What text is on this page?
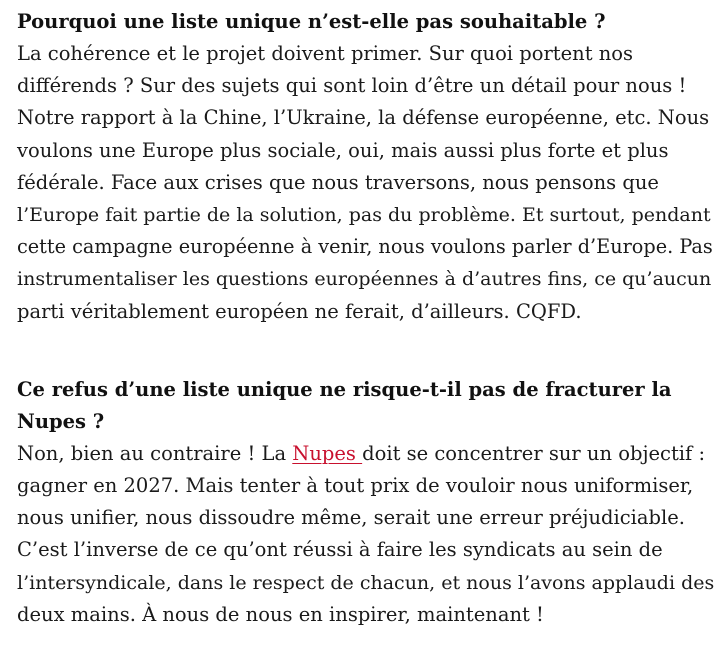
Pourquoi une liste unique n’est-elle pas souhaitable ?

La cohérence et le projet doivent primer. Sur quoi portent nos
différends ? Sur des sujets qui sont loin d’être un détail pour nous !
Notre rapport à la Chine, l’Ukraine, la défense européenne, etc. Nous
voulons une Europe plus sociale, oui, mais aussi plus forte et plus
fédérale. Face aux crises que nous traversons, nous pensons que
l’Europe fait partie de la solution, pas du problème. Et surtout, pendant
cette campagne européenne à venir, nous voulons parler d’Europe. Pas
instrumentaliser les questions européennes à d’autres fins, ce qu’aucun
parti véritablement européen ne ferait, d’ailleurs. CQFD.

Ce refus d’une liste unique ne risque-t-il pas de fracturer la
Nupes ?

Non, bien au contraire ! La Nupes doit se concentrer sur un objectif :
gagner en 2027. Mais tenter à tout prix de vouloir nous uniformiser,
nous unifier, nous dissoudre même, serait une erreur préjudiciable.
C’est l’inverse de ce qu’ont réussi à faire les syndicats au sein de
l’intersyndicale, dans le respect de chacun, et nous l’avons applaudi des
deux mains. À nous de nous en inspirer, maintenant !
